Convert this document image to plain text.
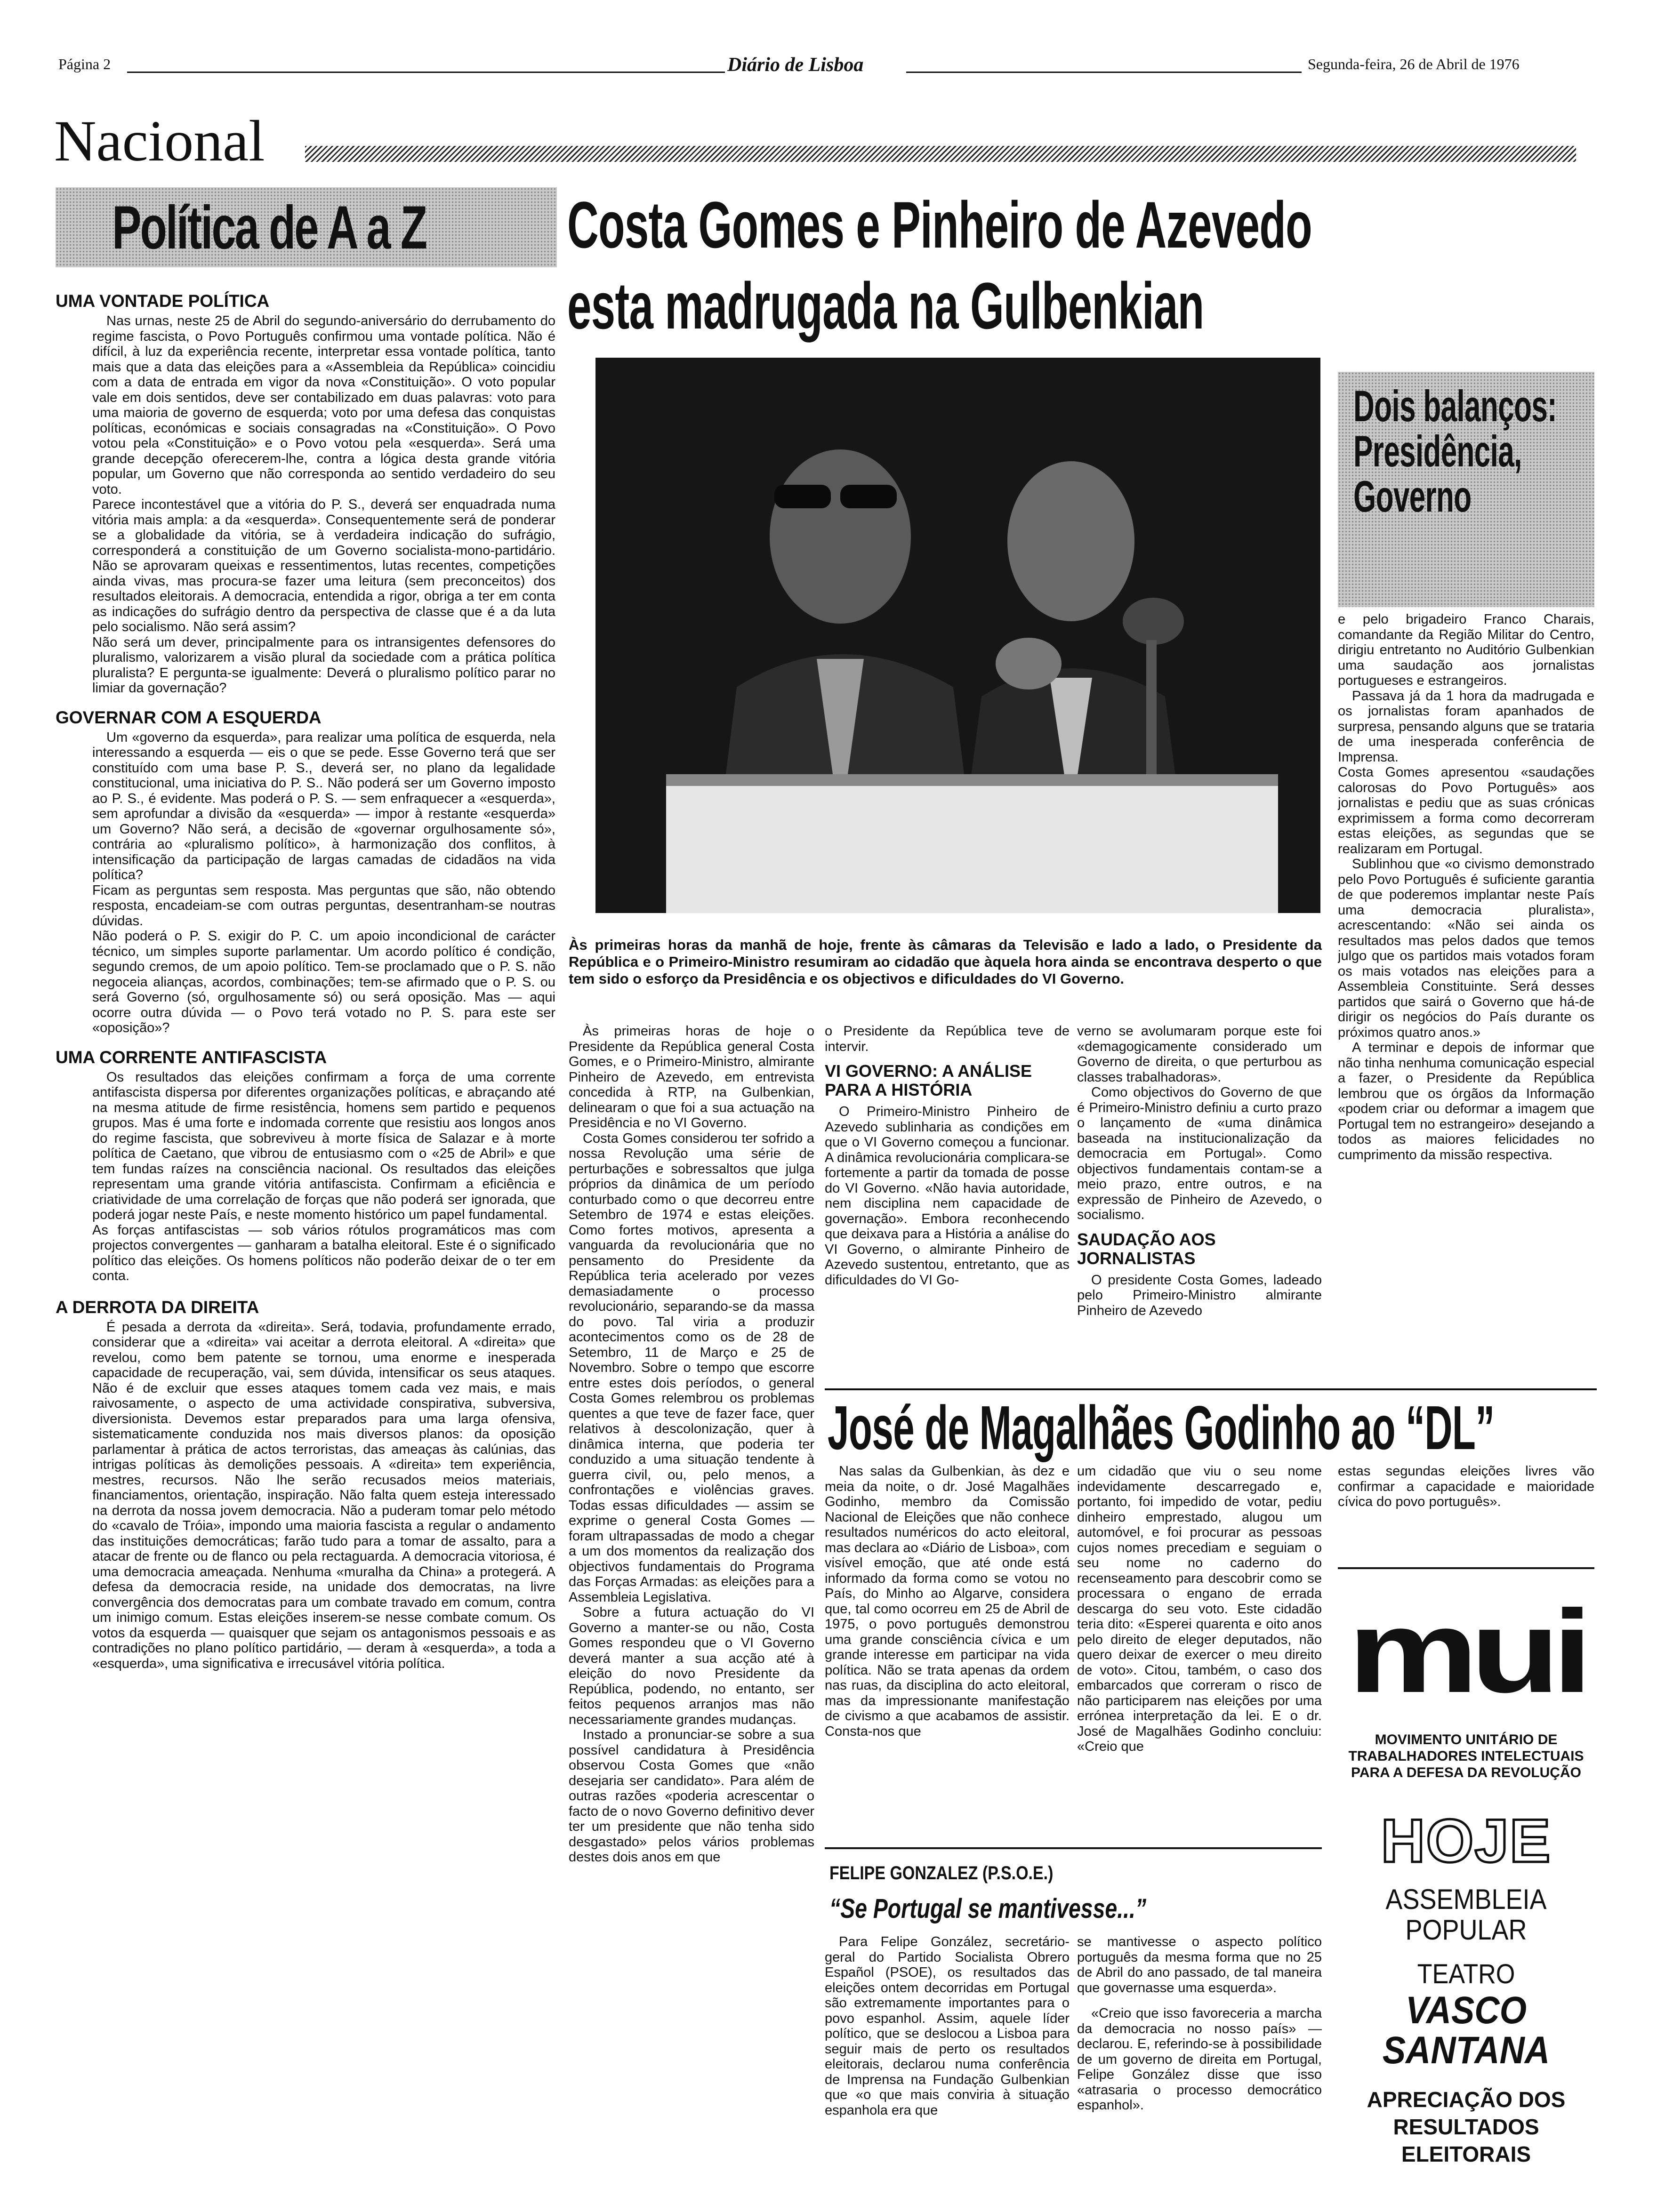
Página 2	Diário de Lisboa	Segunda-feira, 26 de Abril de 1976
Nacional
Política de A a Z
UMA VONTADE POLÍTICA

Nas urnas, neste 25 de Abril do segundo-aniversário do derrubamento do regime fascista, o Povo Português confirmou uma vontade política. Não é difícil, à luz da experiência recente, interpretar essa vontade política, tanto mais que a data das eleições para a «Assembleia da República» coincidiu com a data de entrada em vigor da nova «Constituição». O voto popular vale em dois sentidos, deve ser contabilizado em duas palavras: voto para uma maioria de governo de esquerda; voto por uma defesa das conquistas políticas, económicas e sociais consagradas na «Constituição». O Povo votou pela «Constituição» e o Povo votou pela «esquerda». Será uma grande decepção oferecerem-lhe, contra a lógica desta grande vitória popular, um Governo que não corresponda ao sentido verdadeiro do seu voto.

Parece incontestável que a vitória do P. S., deverá ser enquadrada numa vitória mais ampla: a da «esquerda». Consequentemente será de ponderar se a globalidade da vitória, se à verdadeira indicação do sufrágio, corresponderá a constituição de um Governo socialista-mono-partidário. Não se aprovaram queixas e ressentimentos, lutas recentes, competições ainda vivas, mas procura-se fazer uma leitura (sem preconceitos) dos resultados eleitorais. A democracia, entendida a rigor, obriga a ter em conta as indicações do sufrágio dentro da perspectiva de classe que é a da luta pelo socialismo. Não será assim?

Não será um dever, principalmente para os intransigentes defensores do pluralismo, valorizarem a visão plural da sociedade com a prática política pluralista? E pergunta-se igualmente: Deverá o pluralismo político parar no limiar da governação?

GOVERNAR COM A ESQUERDA

Um «governo da esquerda», para realizar uma política de esquerda, nela interessando a esquerda — eis o que se pede. Esse Governo terá que ser constituído com uma base P. S., deverá ser, no plano da legalidade constitucional, uma iniciativa do P. S.. Não poderá ser um Governo imposto ao P. S., é evidente. Mas poderá o P. S. — sem enfraquecer a «esquerda», sem aprofundar a divisão da «esquerda» — impor à restante «esquerda» um Governo? Não será, a decisão de «governar orgulhosamente só», contrária ao «pluralismo político», à harmonização dos conflitos, à intensificação da participação de largas camadas de cidadãos na vida política?

Ficam as perguntas sem resposta. Mas perguntas que são, não obtendo resposta, encadeiam-se com outras perguntas, desentranham-se noutras dúvidas.

Não poderá o P. S. exigir do P. C. um apoio incondicional de carácter técnico, um simples suporte parlamentar. Um acordo político é condição, segundo cremos, de um apoio político. Tem-se proclamado que o P. S. não negoceia alianças, acordos, combinações; tem-se afirmado que o P. S. ou será Governo (só, orgulhosamente só) ou será oposição. Mas — aqui ocorre outra dúvida — o Povo terá votado no P. S. para este ser «oposição»?

UMA CORRENTE ANTIFASCISTA

Os resultados das eleições confirmam a força de uma corrente antifascista dispersa por diferentes organizações políticas, e abraçando até na mesma atitude de firme resistência, homens sem partido e pequenos grupos. Mas é uma forte e indomada corrente que resistiu aos longos anos do regime fascista, que sobreviveu à morte física de Salazar e à morte política de Caetano, que vibrou de entusiasmo com o «25 de Abril» e que tem fundas raízes na consciência nacional. Os resultados das eleições representam uma grande vitória antifascista. Confirmam a eficiência e criatividade de uma correlação de forças que não poderá ser ignorada, que poderá jogar neste País, e neste momento histórico um papel fundamental.

As forças antifascistas — sob vários rótulos programáticos mas com projectos convergentes — ganharam a batalha eleitoral. Este é o significado político das eleições. Os homens políticos não poderão deixar de o ter em conta.

A DERROTA DA DIREITA

É pesada a derrota da «direita». Será, todavia, profundamente errado, considerar que a «direita» vai aceitar a derrota eleitoral. A «direita» que revelou, como bem patente se tornou, uma enorme e inesperada capacidade de recuperação, vai, sem dúvida, intensificar os seus ataques. Não é de excluir que esses ataques tomem cada vez mais, e mais raivosamente, o aspecto de uma actividade conspirativa, subversiva, diversionista. Devemos estar preparados para uma larga ofensiva, sistematicamente conduzida nos mais diversos planos: da oposição parlamentar à prática de actos terroristas, das ameaças às calúnias, das intrigas políticas às demolições pessoais. A «direita» tem experiência, mestres, recursos. Não lhe serão recusados meios materiais, financiamentos, orientação, inspiração. Não falta quem esteja interessado na derrota da nossa jovem democracia. Não a puderam tomar pelo método do «cavalo de Tróia», impondo uma maioria fascista a regular o andamento das instituições democráticas; farão tudo para a tomar de assalto, para a atacar de frente ou de flanco ou pela rectaguarda. A democracia vitoriosa, é uma democracia ameaçada. Nenhuma «muralha da China» a protegerá. A defesa da democracia reside, na unidade dos democratas, na livre convergência dos democratas para um combate travado em comum, contra um inimigo comum. Estas eleições inserem-se nesse combate comum. Os votos da esquerda — quaisquer que sejam os antagonismos pessoais e as contradições no plano político partidário, — deram à «esquerda», a toda a «esquerda», uma significativa e irrecusável vitória política.

Costa Gomes e Pinheiro de Azevedo
esta madrugada na Gulbenkian
Às primeiras horas da manhã de hoje, frente às câmaras da Televisão e lado a lado, o Presidente da República e o Primeiro-Ministro resumiram ao cidadão que àquela hora ainda se encontrava desperto o que tem sido o esforço da Presidência e os objectivos e dificuldades do VI Governo.

Às primeiras horas de hoje o Presidente da República general Costa Gomes, e o Primeiro-Ministro, almirante Pinheiro de Azevedo, em entrevista concedida à RTP, na Gulbenkian, delinearam o que foi a sua actuação na Presidência e no VI Governo.

Costa Gomes considerou ter sofrido a nossa Revolução uma série de perturbações e sobressaltos que julga próprios da dinâmica de um período conturbado como o que decorreu entre Setembro de 1974 e estas eleições. Como fortes motivos, apresenta a vanguarda da revolucionária que no pensamento do Presidente da República teria acelerado por vezes demasiadamente o processo revolucionário, separando-se da massa do povo. Tal viria a produzir acontecimentos como os de 28 de Setembro, 11 de Março e 25 de Novembro. Sobre o tempo que escorre entre estes dois períodos, o general Costa Gomes relembrou os problemas quentes a que teve de fazer face, quer relativos à descolonização, quer à dinâmica interna, que poderia ter conduzido a uma situação tendente à guerra civil, ou, pelo menos, a confrontações e violências graves. Todas essas dificuldades — assim se exprime o general Costa Gomes — foram ultrapassadas de modo a chegar a um dos momentos da realização dos objectivos fundamentais do Programa das Forças Armadas: as eleições para a Assembleia Legislativa.

Sobre a futura actuação do VI Governo a manter-se ou não, Costa Gomes respondeu que o VI Governo deverá manter a sua acção até à eleição do novo Presidente da República, podendo, no entanto, ser feitos pequenos arranjos mas não necessariamente grandes mudanças.

Instado a pronunciar-se sobre a sua possível candidatura à Presidência observou Costa Gomes que «não desejaria ser candidato». Para além de outras razões «poderia acrescentar o facto de o novo Governo definitivo dever ter um presidente que não tenha sido desgastado» pelos vários problemas destes dois anos em que

o Presidente da República teve de intervir.

VI GOVERNO: A ANÁLISE PARA A HISTÓRIA

O Primeiro-Ministro Pinheiro de Azevedo sublinharia as condições em que o VI Governo começou a funcionar. A dinâmica revolucionária complicara-se fortemente a partir da tomada de posse do VI Governo. «Não havia autoridade, nem disciplina nem capacidade de governação». Embora reconhecendo que deixava para a História a análise do VI Governo, o almirante Pinheiro de Azevedo sustentou, entretanto, que as dificuldades do VI Go-

verno se avolumaram porque este foi «demagogicamente considerado um Governo de direita, o que perturbou as classes trabalhadoras».

Como objectivos do Governo de que é Primeiro-Ministro definiu a curto prazo o lançamento de «uma dinâmica baseada na institucionalização da democracia em Portugal». Como objectivos fundamentais contam-se a meio prazo, entre outros, e na expressão de Pinheiro de Azevedo, o socialismo.

SAUDAÇÃO AOS JORNALISTAS

O presidente Costa Gomes, ladeado pelo Primeiro-Ministro almirante Pinheiro de Azevedo

Dois balanços: Presidência, Governo

e pelo brigadeiro Franco Charais, comandante da Região Militar do Centro, dirigiu entretanto no Auditório Gulbenkian uma saudação aos jornalistas portugueses e estrangeiros.

Passava já da 1 hora da madrugada e os jornalistas foram apanhados de surpresa, pensando alguns que se trataria de uma inesperada conferência de Imprensa.

Costa Gomes apresentou «saudações calorosas do Povo Português» aos jornalistas e pediu que as suas crónicas exprimissem a forma como decorreram estas eleições, as segundas que se realizaram em Portugal.

Sublinhou que «o civismo demonstrado pelo Povo Português é suficiente garantia de que poderemos implantar neste País uma democracia pluralista», acrescentando: «Não sei ainda os resultados mas pelos dados que temos julgo que os partidos mais votados foram os mais votados nas eleições para a Assembleia Constituinte. Será desses partidos que sairá o Governo que há-de dirigir os negócios do País durante os próximos quatro anos.»

A terminar e depois de informar que não tinha nenhuma comunicação especial a fazer, o Presidente da República lembrou que os órgãos da Informação «podem criar ou deformar a imagem que Portugal tem no estrangeiro» desejando a todos as maiores felicidades no cumprimento da missão respectiva.

José de Magalhães Godinho ao “DL”

Nas salas da Gulbenkian, às dez e meia da noite, o dr. José Magalhães Godinho, membro da Comissão Nacional de Eleições que não conhece resultados numéricos do acto eleitoral, mas declara ao «Diário de Lisboa», com visível emoção, que até onde está informado da forma como se votou no País, do Minho ao Algarve, considera que, tal como ocorreu em 25 de Abril de 1975, o povo português demonstrou uma grande consciência cívica e um grande interesse em participar na vida política. Não se trata apenas da ordem nas ruas, da disciplina do acto eleitoral, mas da impressionante manifestação de civismo a que acabamos de assistir. Consta-nos que

um cidadão que viu o seu nome indevidamente descarregado e, portanto, foi impedido de votar, pediu dinheiro emprestado, alugou um automóvel, e foi procurar as pessoas cujos nomes precediam e seguiam o seu nome no caderno do recenseamento para descobrir como se processara o engano de errada descarga do seu voto. Este cidadão teria dito: «Esperei quarenta e oito anos pelo direito de eleger deputados, não quero deixar de exercer o meu direito de voto». Citou, também, o caso dos embarcados que correram o risco de não participarem nas eleições por uma errónea interpretação da lei. E o dr. José de Magalhães Godinho concluiu: «Creio que

estas segundas eleições livres vão confirmar a capacidade e maioridade cívica do povo português».

FELIPE GONZALEZ (P.S.O.E.)
“Se Portugal se mantivesse...”

Para Felipe González, secretário-geral do Partido Socialista Obrero Español (PSOE), os resultados das eleições ontem decorridas em Portugal são extremamente importantes para o povo espanhol. Assim, aquele líder político, que se deslocou a Lisboa para seguir mais de perto os resultados eleitorais, declarou numa conferência de Imprensa na Fundação Gulbenkian que «o que mais conviria à situação espanhola era que

se mantivesse o aspecto político português da mesma forma que no 25 de Abril do ano passado, de tal maneira que governasse uma esquerda».

«Creio que isso favoreceria a marcha da democracia no nosso país» — declarou. E, referindo-se à possibilidade de um governo de direita em Portugal, Felipe González disse que isso «atrasaria o processo democrático espanhol».

mui
MOVIMENTO UNITÁRIO DE TRABALHADORES INTELECTUAIS PARA A DEFESA DA REVOLUÇÃO
HOJE
ASSEMBLEIA
POPULAR
TEATRO
VASCO
SANTANA
APRECIAÇÃO DOS
RESULTADOS
ELEITORAIS
